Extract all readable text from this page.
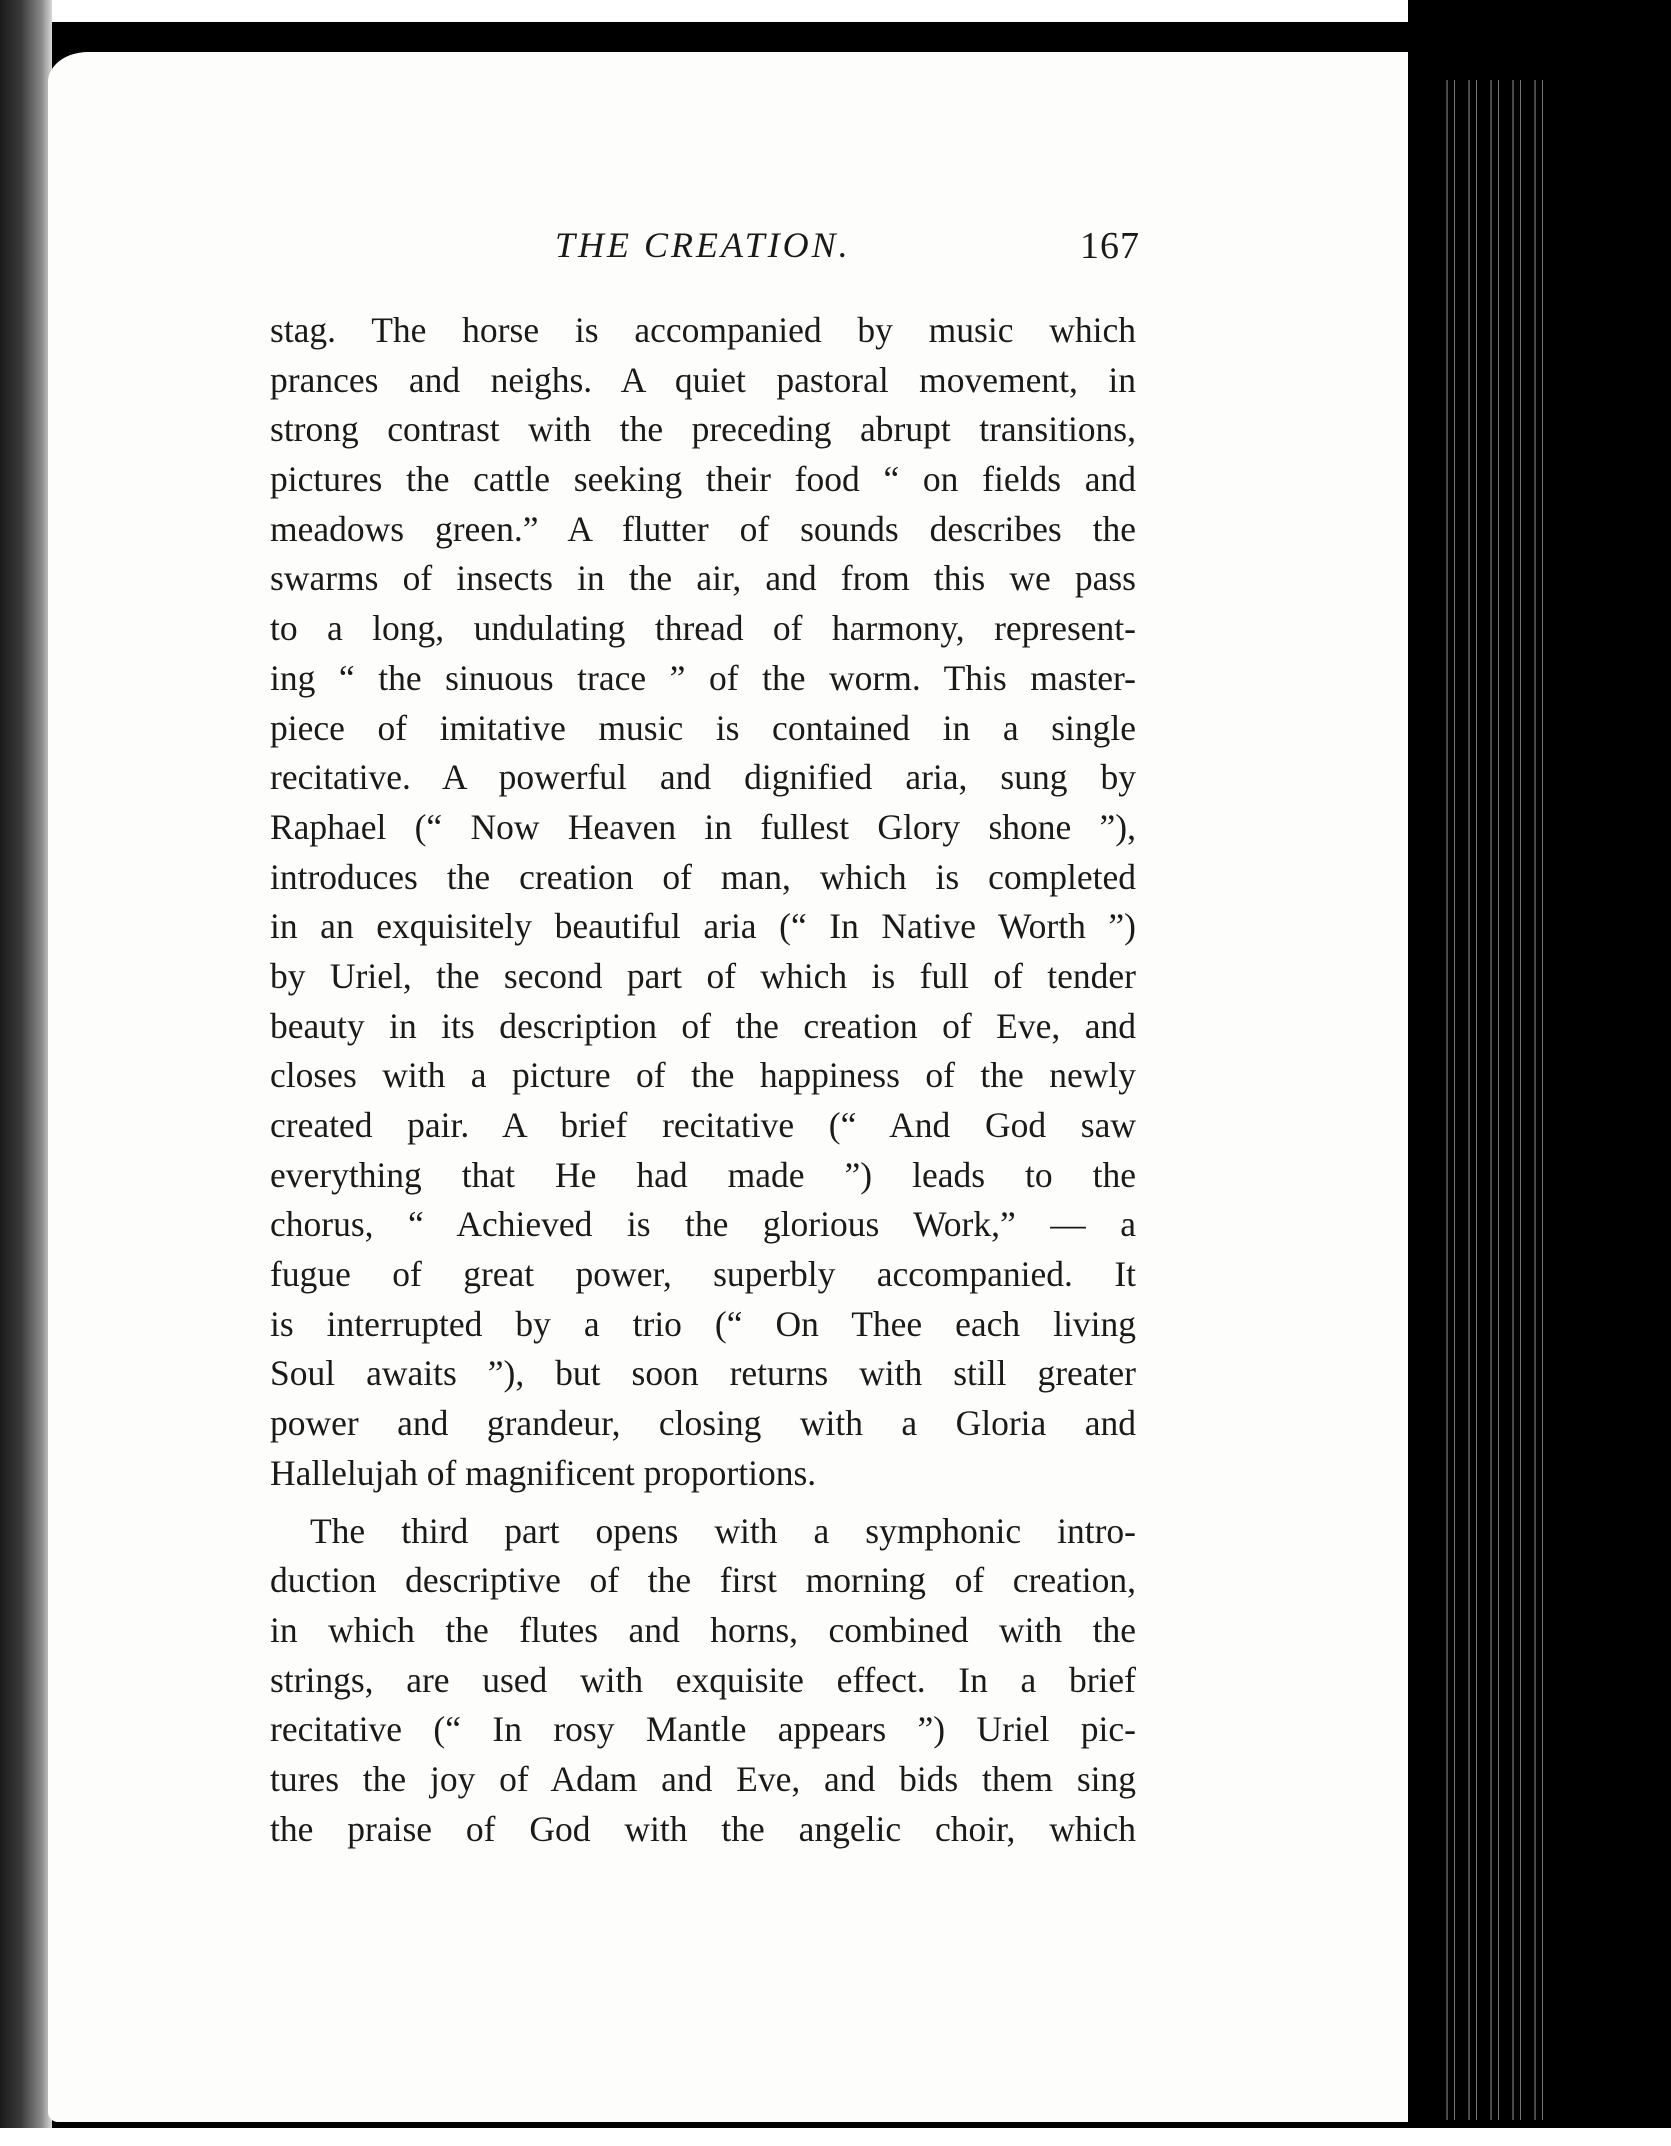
THE CREATION.	167
stag. The horse is accompanied by music which
prances and neighs. A quiet pastoral movement, in
strong contrast with the preceding abrupt transitions,
pictures the cattle seeking their food “ on fields and
meadows green.” A flutter of sounds describes the
swarms of insects in the air, and from this we pass
to a long, undulating thread of harmony, represent-
ing “ the sinuous trace ” of the worm. This master-
piece of imitative music is contained in a single
recitative. A powerful and dignified aria, sung by
Raphael (“ Now Heaven in fullest Glory shone ”),
introduces the creation of man, which is completed
in an exquisitely beautiful aria (“ In Native Worth ”)
by Uriel, the second part of which is full of tender
beauty in its description of the creation of Eve, and
closes with a picture of the happiness of the newly
created pair. A brief recitative (“ And God saw
everything that He had made ”) leads to the
chorus, “ Achieved is the glorious Work,” — a
fugue of great power, superbly accompanied. It
is interrupted by a trio (“ On Thee each living
Soul awaits ”), but soon returns with still greater
power and grandeur, closing with a Gloria and
Hallelujah of magnificent proportions.
The third part opens with a symphonic intro-
duction descriptive of the first morning of creation,
in which the flutes and horns, combined with the
strings, are used with exquisite effect. In a brief
recitative (“ In rosy Mantle appears ”) Uriel pic-
tures the joy of Adam and Eve, and bids them sing
the praise of God with the angelic choir, which
